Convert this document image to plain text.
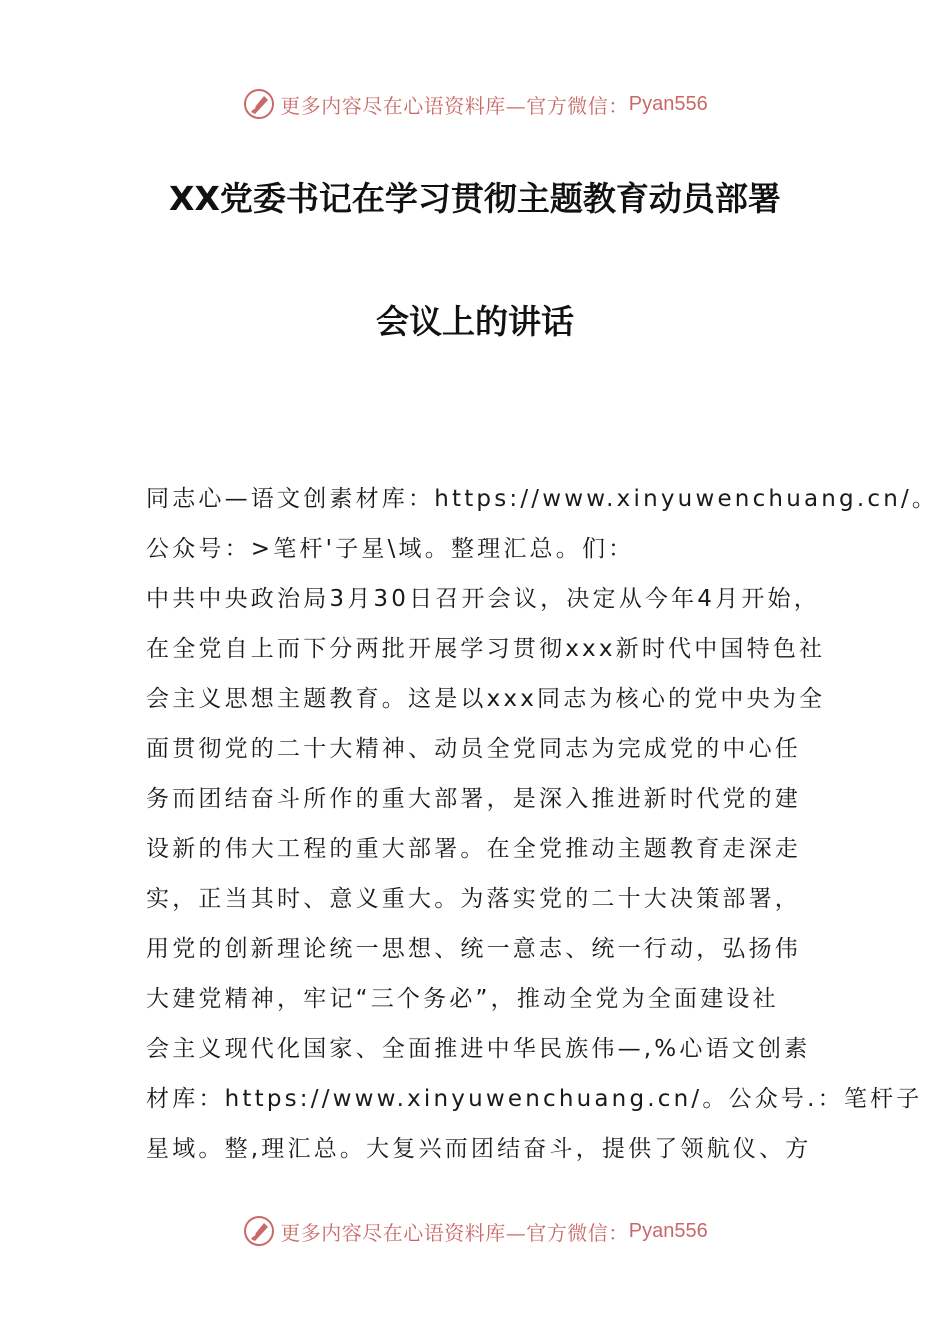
更多内容尽在心语资料库—官方微信： Pyan556
XX党委书记在学习贯彻主题教育动员部署
会议上的讲话
同志心—语文创素材库：https://www.xinyuwenchuang.cn/。
公众号：>笔杆'子星\域。整理汇总。们：
中共中央政治局3月30日召开会议，决定从今年4月开始，
在全党自上而下分两批开展学习贯彻xxx新时代中国特色社
会主义思想主题教育。这是以xxx同志为核心的党中央为全
面贯彻党的二十大精神、动员全党同志为完成党的中心任
务而团结奋斗所作的重大部署，是深入推进新时代党的建
设新的伟大工程的重大部署。在全党推动主题教育走深走
实，正当其时、意义重大。为落实党的二十大决策部署，
用党的创新理论统一思想、统一意志、统一行动，弘扬伟
大建党精神，牢记“三个务必”，推动全党为全面建设社
会主义现代化国家、全面推进中华民族伟—,%心语文创素
材库：https://www.xinyuwenchuang.cn/。公众号.：笔杆子
星域。整,理汇总。大复兴而团结奋斗，提供了领航仪、方
更多内容尽在心语资料库—官方微信： Pyan556
